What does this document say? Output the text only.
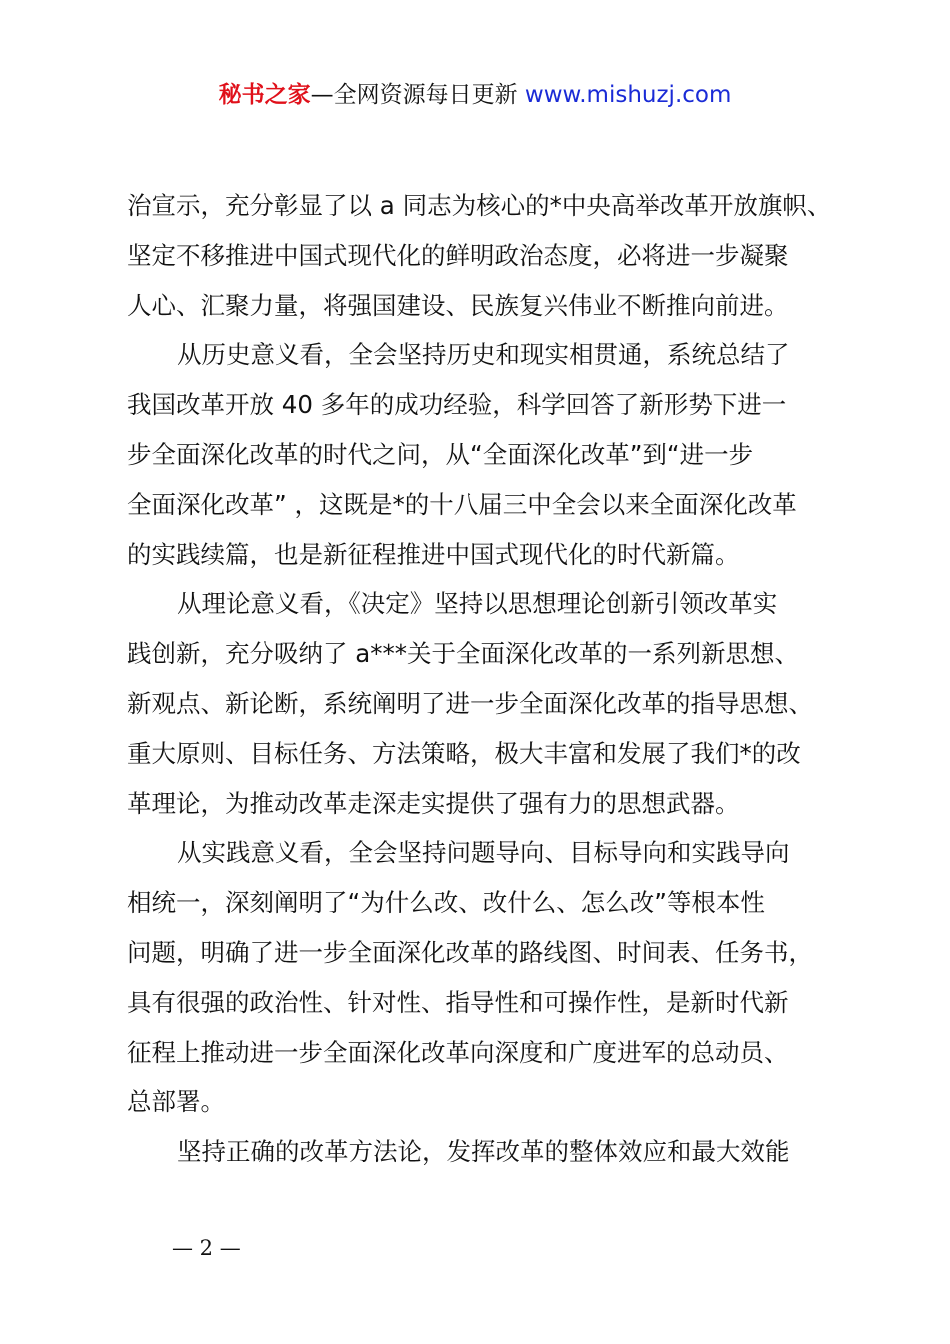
秘书之家—全网资源每日更新 www.mishuzj.com
治宣示，充分彰显了以 a 同志为核心的*中央高举改革开放旗帜、
坚定不移推进中国式现代化的鲜明政治态度，必将进一步凝聚
人心、汇聚力量，将强国建设、民族复兴伟业不断推向前进。
从历史意义看，全会坚持历史和现实相贯通，系统总结了
我国改革开放 40 多年的成功经验，科学回答了新形势下进一
步全面深化改革的时代之问，从“全面深化改革”到“进一步
全面深化改革” ，这既是*的十八届三中全会以来全面深化改革
的实践续篇，也是新征程推进中国式现代化的时代新篇。
从理论意义看，《决定》坚持以思想理论创新引领改革实
践创新，充分吸纳了 a***关于全面深化改革的一系列新思想、
新观点、新论断，系统阐明了进一步全面深化改革的指导思想、
重大原则、目标任务、方法策略，极大丰富和发展了我们*的改
革理论，为推动改革走深走实提供了强有力的思想武器。
从实践意义看，全会坚持问题导向、目标导向和实践导向
相统一，深刻阐明了“为什么改、改什么、怎么改”等根本性
问题，明确了进一步全面深化改革的路线图、时间表、任务书，
具有很强的政治性、针对性、指导性和可操作性，是新时代新
征程上推动进一步全面深化改革向深度和广度进军的总动员、
总部署。
坚持正确的改革方法论，发挥改革的整体效应和最大效能
— 2 —
